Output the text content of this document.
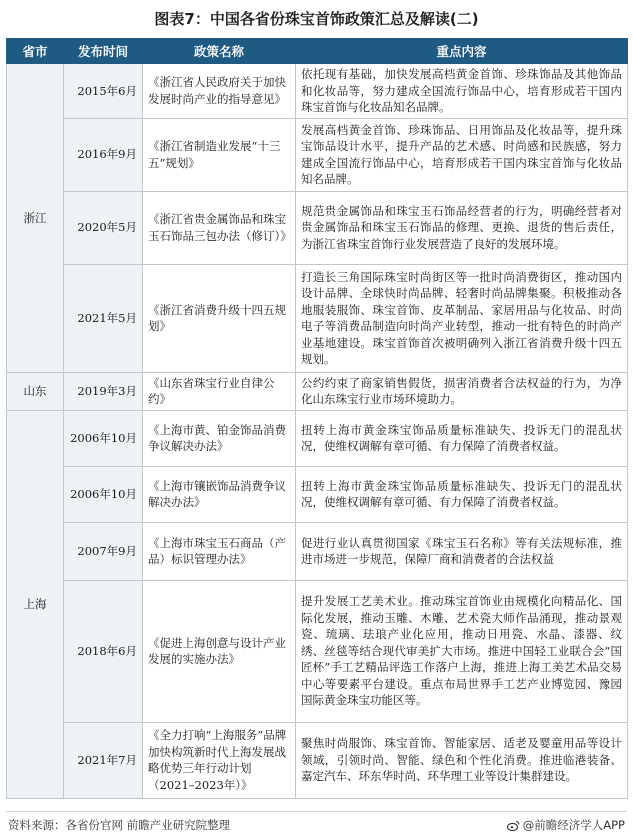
图表7：中国各省份珠宝首饰政策汇总及解读(二)
省市	发布时间	政策名称	重点内容
浙江	2015年6月	《浙江省人民政府关于加快发展时尚产业的指导意见》	依托现有基础，加快发展高档黄金首饰、珍珠饰品及其他饰品和化妆品等，努力建成全国流行饰品中心，培育形成若干国内珠宝首饰与化妆品知名品牌。
	2016年9月	《浙江省制造业发展“十三五”规划》	发展高档黄金首饰、珍珠饰品、日用饰品及化妆品等，提升珠宝饰品设计水平，提升产品的艺术感、时尚感和民族感，努力建成全国流行饰品中心，培育形成若干国内珠宝首饰与化妆品知名品牌。
	2020年5月	《浙江省贵金属饰品和珠宝玉石饰品三包办法（修订）》	规范贵金属饰品和珠宝玉石饰品经营者的行为，明确经营者对贵金属饰品和珠宝玉石饰品的修理、更换、退货的售后责任，为浙江省珠宝首饰行业发展营造了良好的发展环境。
	2021年5月	《浙江省消费升级十四五规划》	打造长三角国际珠宝时尚街区等一批时尚消费街区，推动国内设计品牌、全球快时尚品牌、轻奢时尚品牌集聚。积极推动各地服装服饰、珠宝首饰、皮革制品、家居用品与化妆品、时尚电子等消费品制造向时尚产业转型，推动一批有特色的时尚产业基地建设。珠宝首饰首次被明确列入浙江省消费升级十四五规划。
山东	2019年3月	《山东省珠宝行业自律公约》	公约约束了商家销售假货，损害消费者合法权益的行为，为净化山东珠宝行业市场环境助力。
上海	2006年10月	《上海市黄、铂金饰品消费争议解决办法》	扭转上海市黄金珠宝饰品质量标准缺失、投诉无门的混乱状况，使维权调解有章可循、有力保障了消费者权益。
	2006年10月	《上海市镶嵌饰品消费争议解决办法》	扭转上海市黄金珠宝饰品质量标准缺失、投诉无门的混乱状况，使维权调解有章可循、有力保障了消费者权益。
	2007年9月	《上海市珠宝玉石商品（产品）标识管理办法》	促进行业认真贯彻国家《珠宝玉石名称》等有关法规标准，推进市场进一步规范，保障厂商和消费者的合法权益
	2018年6月	《促进上海创意与设计产业发展的实施办法》	提升发展工艺美术业。推动珠宝首饰业由规模化向精品化、国际化发展，推动玉雕、木雕、艺术瓷大师作品涌现，推动景观瓷、琉璃、珐琅产业化应用，推动日用瓷、水晶、漆器、纹绣、丝毯等结合现代审美扩大市场。推进中国轻工业联合会“国匠杯”手工艺精品评选工作落户上海，推进上海工美艺术品交易中心等要素平台建设。重点布局世界手工艺产业博览园、豫园国际黄金珠宝功能区等。
	2021年7月	《全力打响“上海服务”品牌 加快构筑新时代上海发展战略优势三年行动计划（2021–2023年）》	聚焦时尚服饰、珠宝首饰、智能家居、适老及婴童用品等设计领域，引领时尚、智能、绿色和个性化消费。推进临港装备、嘉定汽车、环东华时尚、环华理工业等设计集群建设。
资料来源：各省份官网 前瞻产业研究院整理	@前瞻经济学人APP
